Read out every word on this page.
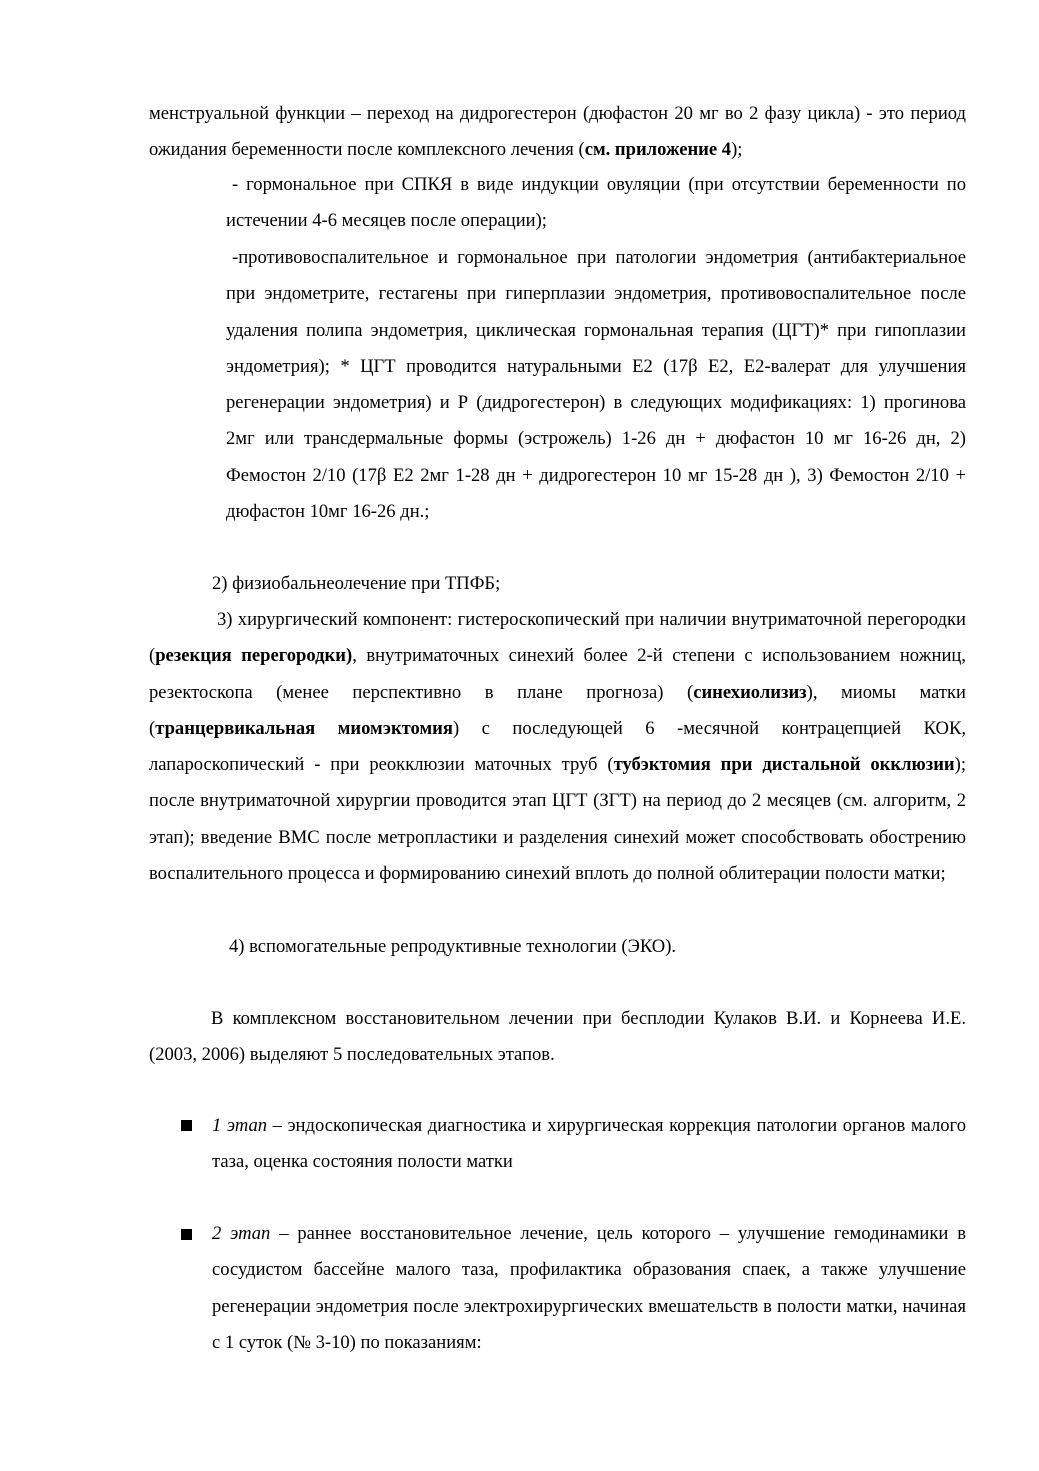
менструальной функции – переход на дидрогестерон (дюфастон 20 мг во 2 фазу цикла) - это период ожидания беременности после комплексного лечения (см. приложение 4);

- гормональное при СПКЯ в виде индукции овуляции (при отсутствии беременности по истечении 4-6 месяцев после операции);

-противовоспалительное и гормональное при патологии эндометрия (антибактериальное при эндометрите, гестагены при гиперплазии эндометрия, противовоспалительное после удаления полипа эндометрия, циклическая гормональная терапия (ЦГТ)* при гипоплазии эндометрия); * ЦГТ проводится натуральными Е2 (17β Е2, Е2-валерат для улучшения регенерации эндометрия) и Р (дидрогестерон) в следующих модификациях: 1) прогинова 2мг или трансдермальные формы (эстрожель) 1-26 дн + дюфастон 10 мг 16-26 дн, 2) Фемостон 2/10 (17β Е2 2мг 1-28 дн + дидрогестерон 10 мг 15-28 дн ), 3) Фемостон 2/10 + дюфастон 10мг 16-26 дн.;

2) физиобальнеолечение при ТПФБ;

3) хирургический компонент: гистероскопический при наличии внутриматочной перегородки (резекция перегородки), внутриматочных синехий более 2-й степени с использованием ножниц, резектоскопа (менее перспективно в плане прогноза) (синехиолизиз), миомы матки (транцервикальная миомэктомия) с последующей 6 -месячной контрацепцией КОК, лапароскопический - при реокклюзии маточных труб (тубэктомия при дистальной окклюзии); после внутриматочной хирургии проводится этап ЦГТ (ЗГТ) на период до 2 месяцев (см. алгоритм, 2 этап); введение ВМС после метропластики и разделения синехий может способствовать обострению воспалительного процесса и формированию синехий вплоть до полной облитерации полости матки;

4) вспомогательные репродуктивные технологии (ЭКО).

В комплексном восстановительном лечении при бесплодии Кулаков В.И. и Корнеева И.Е. (2003, 2006) выделяют 5 последовательных этапов.

1 этап – эндоскопическая диагностика и хирургическая коррекция патологии органов малого таза, оценка состояния полости матки

2 этап – раннее восстановительное лечение, цель которого – улучшение гемодинамики в сосудистом бассейне малого таза, профилактика образования спаек, а также улучшение регенерации эндометрия после электрохирургических вмешательств в полости матки, начиная с 1 суток (№ 3-10) по показаниям:
